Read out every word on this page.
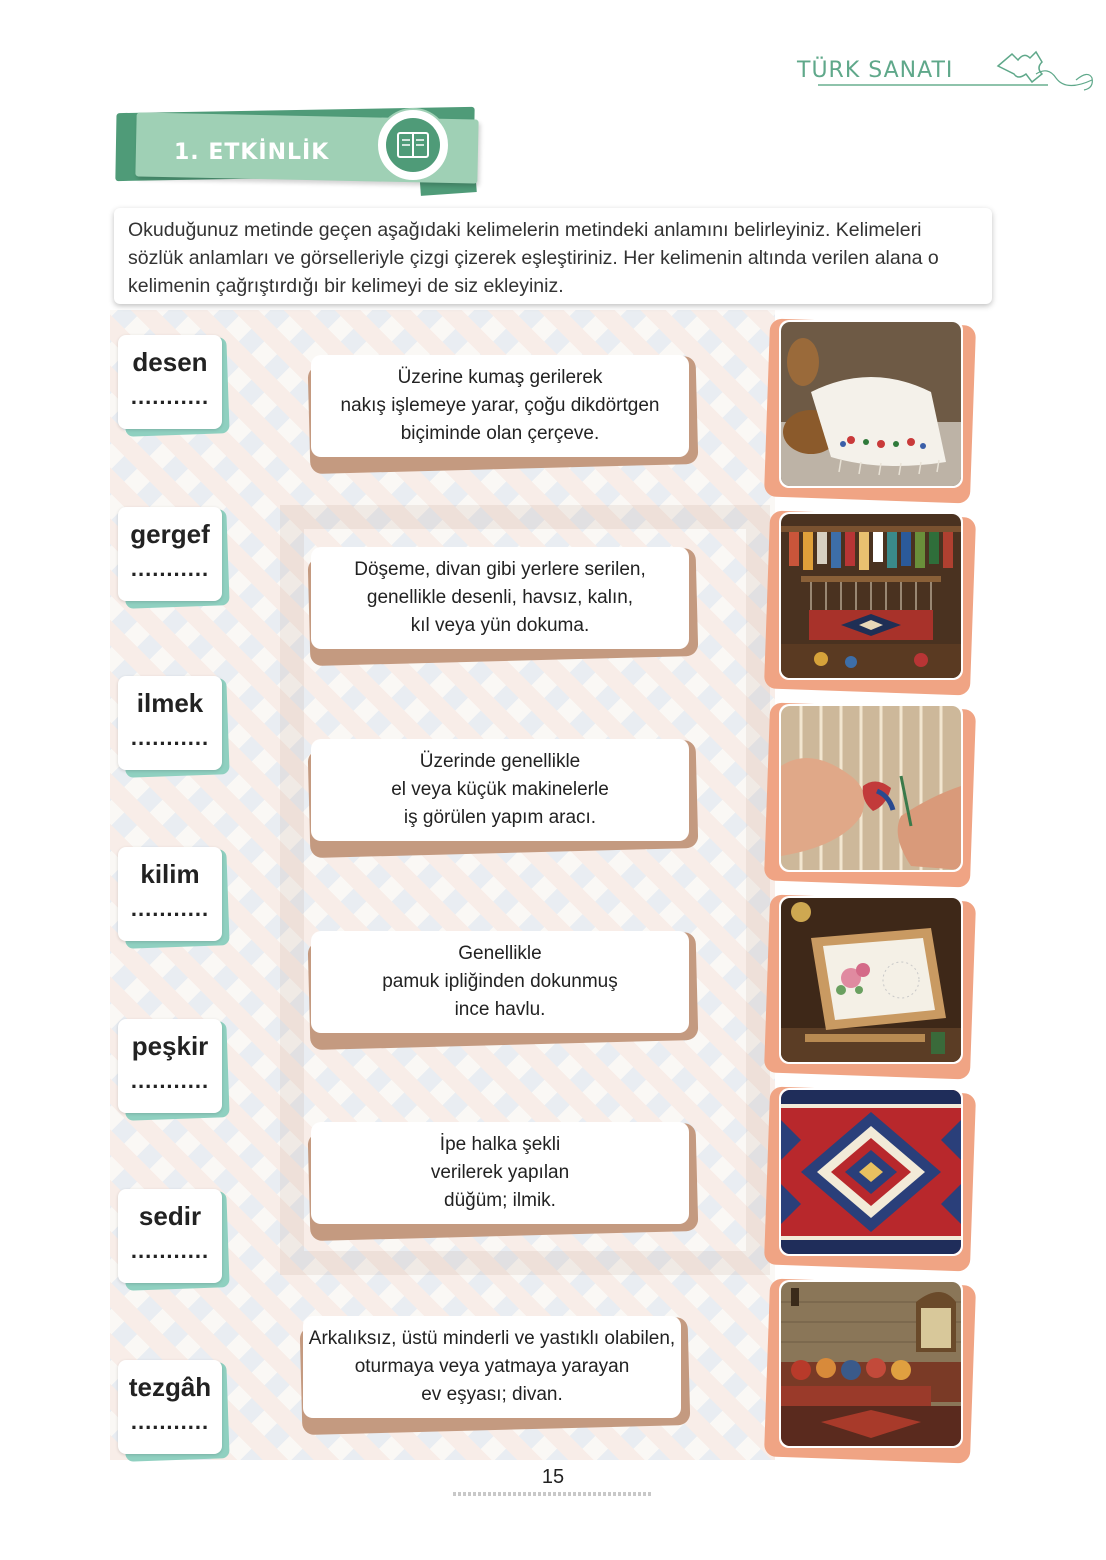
TÜRK SANATI
1. ETKİNLİK
Okuduğunuz metinde geçen aşağıdaki kelimelerin metindeki anlamını belirleyiniz. Kelimeleri sözlük anlamları ve görselleriyle çizgi çizerek eşleştiriniz. Her kelimenin altında verilen alana o kelimenin çağrıştırdığı bir kelimeyi de siz ekleyiniz.
desen
...........
gergef
...........
ilmek
...........
kilim
...........
peşkir
...........
sedir
...........
tezgâh
...........
Üzerine kumaş gerilerek
nakış işlemeye yarar, çoğu dikdörtgen
biçiminde olan çerçeve.
Döşeme, divan gibi yerlere serilen,
genellikle desenli, havsız, kalın,
kıl veya yün dokuma.
Üzerinde genellikle
el veya küçük makinelerle
iş görülen yapım aracı.
Genellikle
pamuk ipliğinden dokunmuş
ince havlu.
İpe halka şekli
verilerek yapılan
düğüm; ilmik.
Arkalıksız, üstü minderli ve yastıklı olabilen,
oturmaya veya yatmaya yarayan
ev eşyası; divan.
15
